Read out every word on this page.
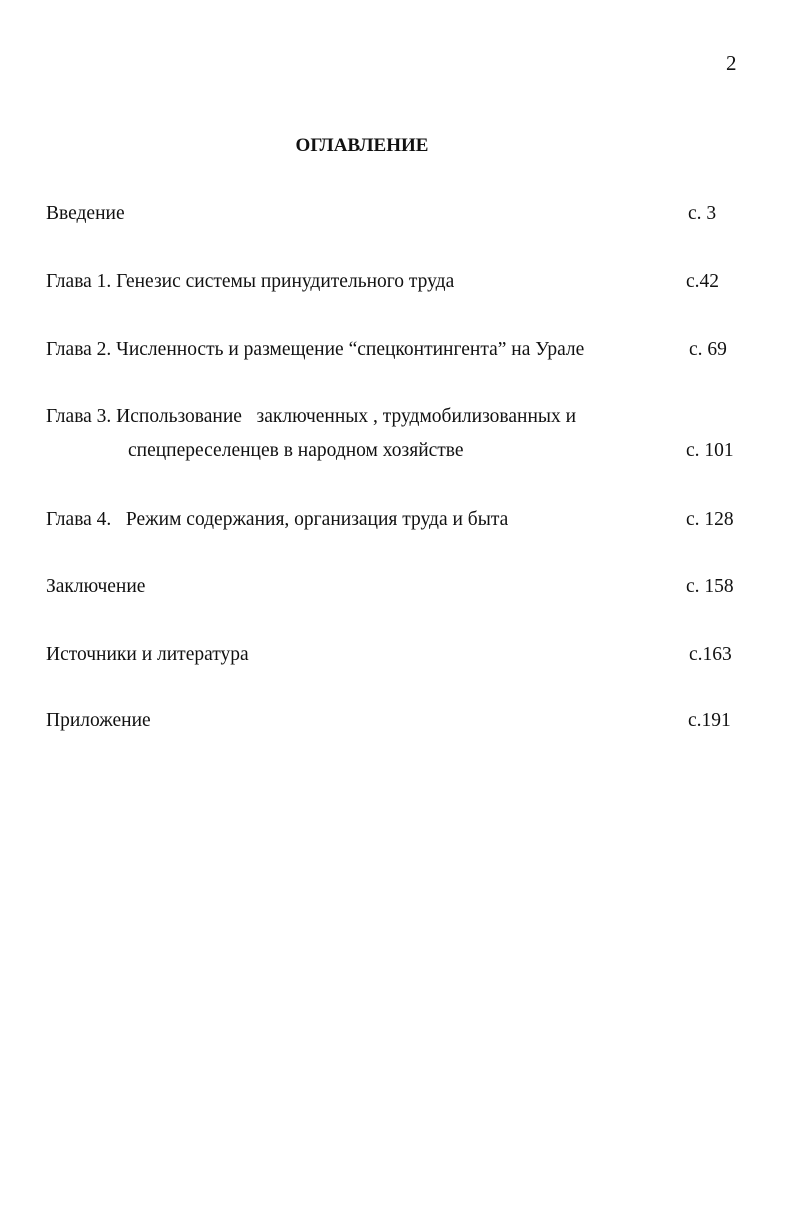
2
ОГЛАВЛЕНИЕ
Введение	с. 3
Глава 1. Генезис системы принудительного труда	с.42
Глава 2. Численность и размещение “спецконтингента” на Урале	с. 69
Глава 3. Использование   заключенных , трудмобилизованных и
спецпереселенцев в народном хозяйстве	с. 101
Глава 4.   Режим содержания, организация труда и быта	с. 128
Заключение	с. 158
Источники и литература	с.163
Приложение	с.191
